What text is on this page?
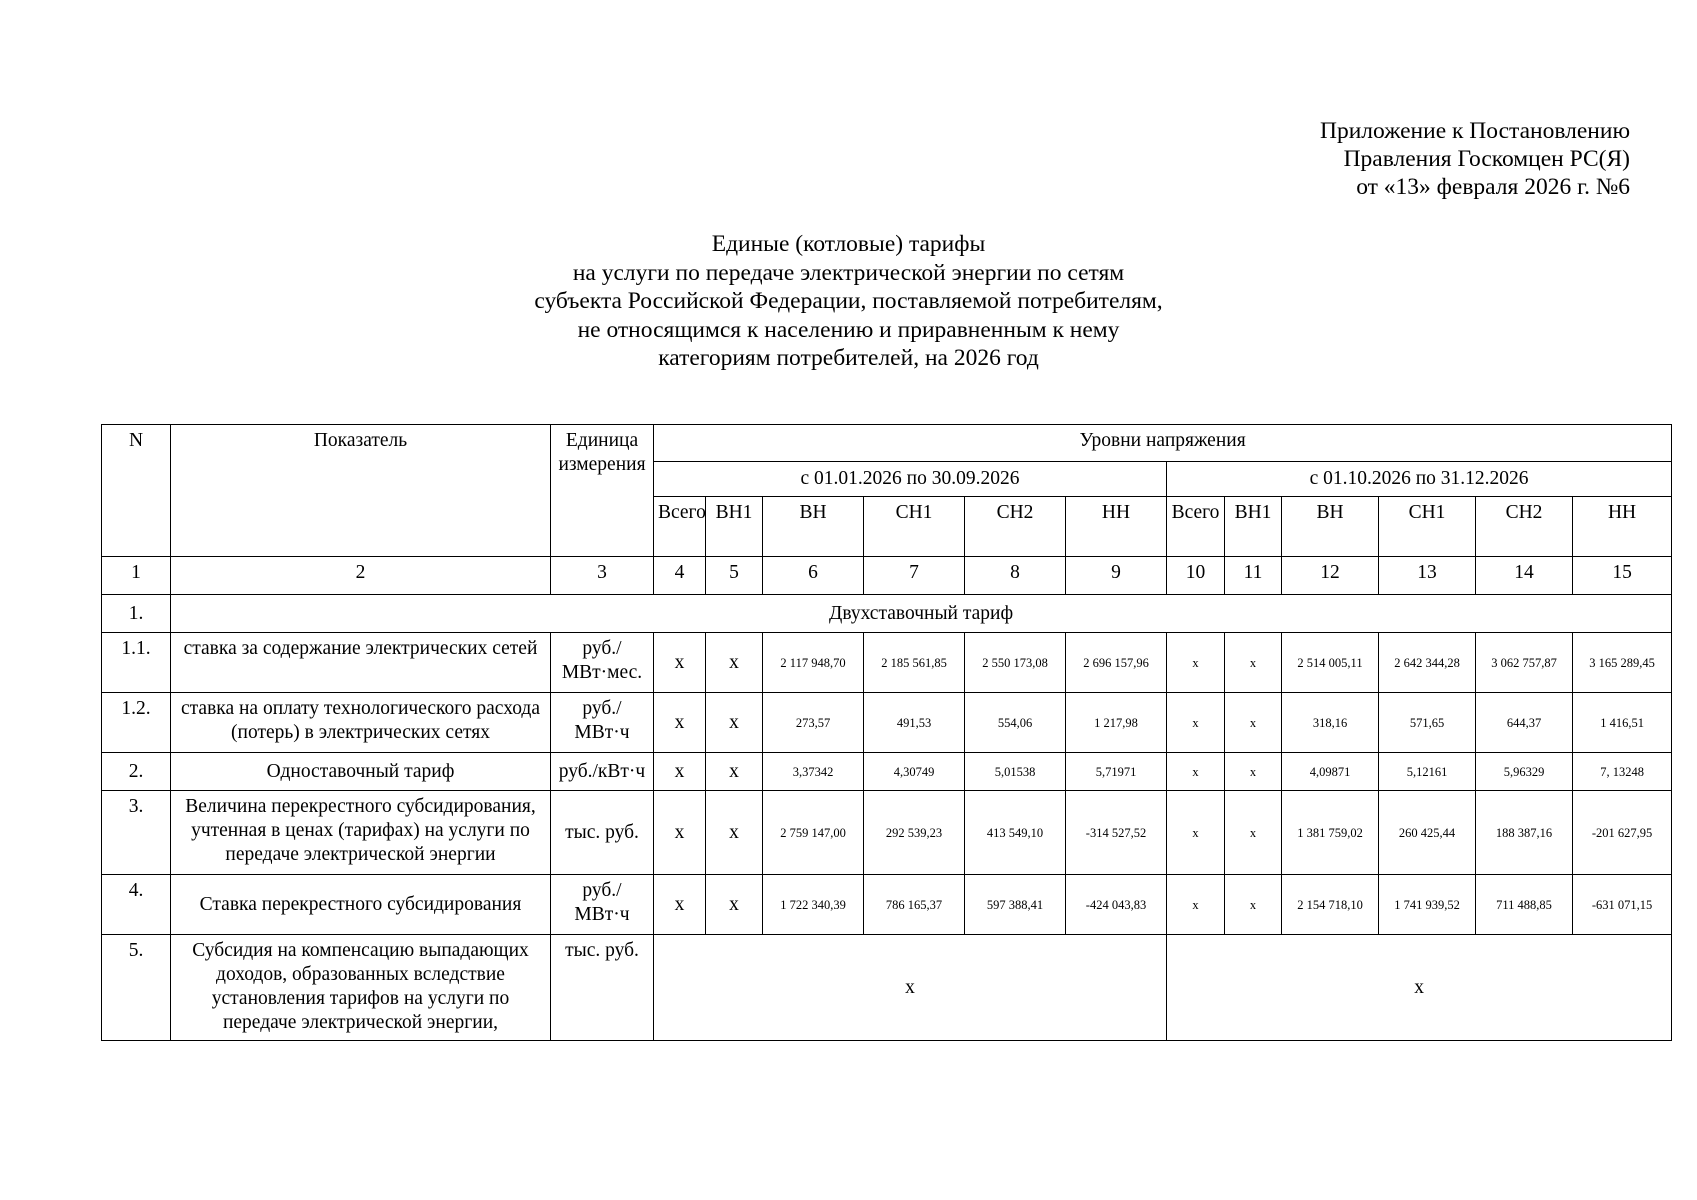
Приложение к Постановлению
Правления Госкомцен РС(Я)
от «13» февраля 2026 г. №6
Единые (котловые) тарифы
на услуги по передаче электрической энергии по сетям
субъекта Российской Федерации, поставляемой потребителям,
не относящимся к населению и приравненным к нему
категориям потребителей, на 2026 год
N	Показатель	Единица измерения	Уровни напряжения											
			с 01.01.2026 по 30.09.2026						с 01.10.2026 по 31.12.2026					
			Всего	ВН1	ВН	СН1	СН2	НН	Всего	ВН1	ВН	СН1	СН2	НН
1	2	3	4	5	6	7	8	9	10	11	12	13	14	15
1.	Двухставочный тариф													
1.1.	ставка за содержание электрических сетей	руб./МВт·мес.	х	х	2 117 948,70	2 185 561,85	2 550 173,08	2 696 157,96	х	х	2 514 005,11	2 642 344,28	3 062 757,87	3 165 289,45
1.2.	ставка на оплату технологического расхода (потерь) в электрических сетях	руб./МВт·ч	х	х	273,57	491,53	554,06	1 217,98	х	х	318,16	571,65	644,37	1 416,51
2.	Одноставочный тариф	руб./кВт·ч	х	х	3,37342	4,30749	5,01538	5,71971	х	х	4,09871	5,12161	5,96329	7, 13248
3.	Величина перекрестного субсидирования, учтенная в ценах (тарифах) на услуги по передаче электрической энергии	тыс. руб.	х	х	2 759 147,00	292 539,23	413 549,10	-314 527,52	х	х	1 381 759,02	260 425,44	188 387,16	-201 627,95
4.	Ставка перекрестного субсидирования	руб./МВт·ч	х	х	1 722 340,39	786 165,37	597 388,41	-424 043,83	х	х	2 154 718,10	1 741 939,52	711 488,85	-631 071,15
5.	Субсидия на компенсацию выпадающих доходов, образованных вследствие установления тарифов на услуги по передаче электрической энергии,	тыс. руб.	х						х					
